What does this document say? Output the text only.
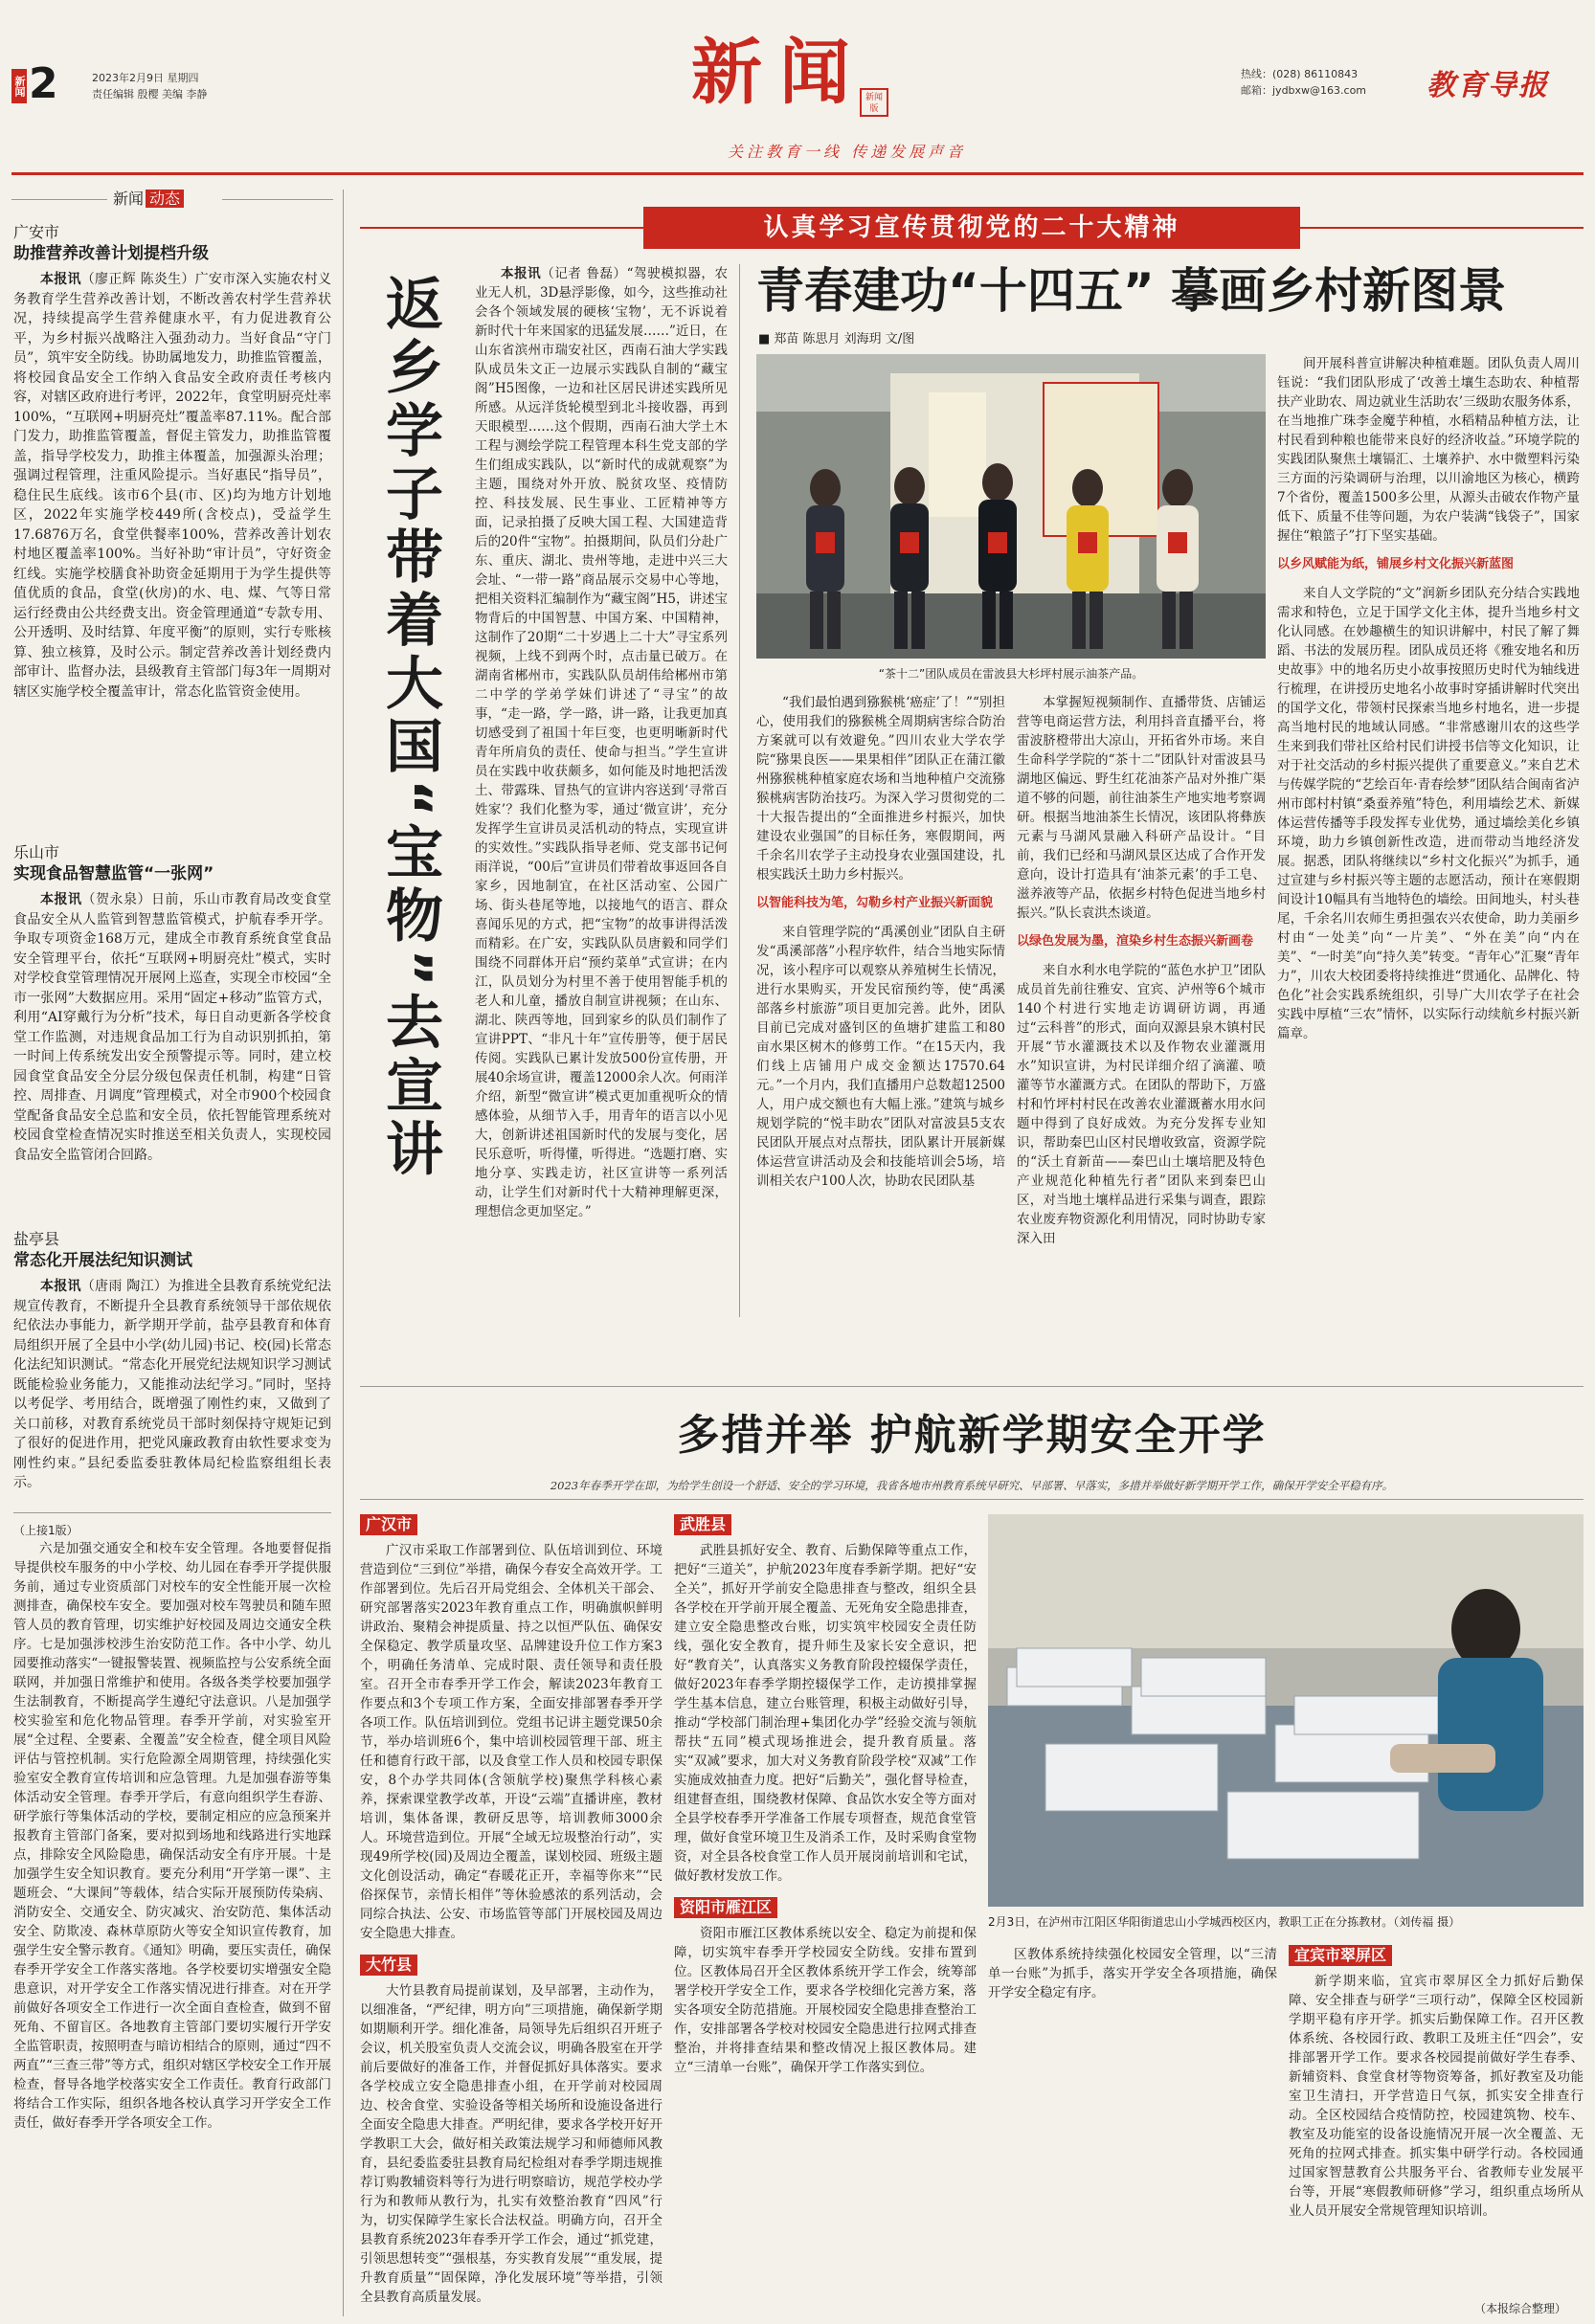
新闻 2	2023年2月9日 星期四
责任编辑 殷樱 美编 李静	新闻
新闻版
关注教育一线 传递发展声音
热线：(028) 86110843
邮箱：jydbxw@163.com 教育导报
新闻 动态
广安市
助推营养改善计划提档升级
本报讯（廖正辉 陈炎生）广安市深入实施农村义务教育学生营养改善计划，不断改善农村学生营养状况，持续提高学生营养健康水平，有力促进教育公平，为乡村振兴战略注入强劲动力。当好食品“守门员”，筑牢安全防线。协助属地发力，助推监管覆盖，将校园食品安全工作纳入食品安全政府责任考核内容，对辖区政府进行考评，2022年，食堂明厨亮灶率100%，“互联网+明厨亮灶”覆盖率87.11%。配合部门发力，助推监管覆盖，督促主管发力，助推监管覆盖，指导学校发力，助推主体覆盖，加强源头治理；强调过程管理，注重风险提示。当好惠民“指导员”，稳住民生底线。该市6个县(市、区)均为地方计划地区，2022年实施学校449所(含校点)，受益学生17.6876万名，食堂供餐率100%，营养改善计划农村地区覆盖率100%。当好补助“审计员”，守好资金红线。实施学校膳食补助资金延期用于为学生提供等值优质的食品，食堂(伙房)的水、电、煤、气等日常运行经费由公共经费支出。资金管理通道“专款专用、公开透明、及时结算、年度平衡”的原则，实行专账核算、独立核算，及时公示。制定营养改善计划经费内部审计、监督办法，县级教育主管部门每3年一周期对辖区实施学校全覆盖审计，常态化监管资金使用。
乐山市
实现食品智慧监管“一张网”
本报讯（贺永泉）日前，乐山市教育局改变食堂食品安全从人监管到智慧监管模式，护航春季开学。争取专项资金168万元，建成全市教育系统食堂食品安全管理平台，依托“互联网+明厨亮灶”模式，实时对学校食堂管理情况开展网上巡查，实现全市校园“全市一张网”大数据应用。采用“固定+移动”监管方式，利用“AI穿戴行为分析”技术，每日自动更新各学校食堂工作监测，对违规食品加工行为自动识别抓拍，第一时间上传系统发出安全预警提示等。同时，建立校园食堂食品安全分层分级包保责任机制，构建“日管控、周排查、月调度”管理模式，对全市900个校园食堂配备食品安全总监和安全员，依托智能管理系统对校园食堂检查情况实时推送至相关负责人，实现校园食品安全监管闭合回路。
盐亭县
常态化开展法纪知识测试
本报讯（唐雨 陶江）为推进全县教育系统党纪法规宣传教育，不断提升全县教育系统领导干部依规依纪依法办事能力，新学期开学前，盐亭县教育和体育局组织开展了全县中小学(幼儿园)书记、校(园)长常态化法纪知识测试。“常态化开展党纪法规知识学习测试既能检验业务能力，又能推动法纪学习。”同时，坚持以考促学、考用结合，既增强了刚性约束，又做到了关口前移，对教育系统党员干部时刻保持守规矩记到了很好的促进作用，把党风廉政教育由软性要求变为刚性约束。”县纪委监委驻教体局纪检监察组组长表示。
（上接1版）
六是加强交通安全和校车安全管理。各地要督促指导提供校车服务的中小学校、幼儿园在春季开学提供服务前，通过专业资质部门对校车的安全性能开展一次检测排查，确保校车安全。要加强对校车驾驶员和随车照管人员的教育管理，切实维护好校园及周边交通安全秩序。七是加强涉校涉生治安防范工作。各中小学、幼儿园要推动落实“一键报警装置、视频监控与公安系统全面联网，并加强日常维护和使用。各级各类学校要加强学生法制教育，不断提高学生遵纪守法意识。八是加强学校实验室和危化物品管理。春季开学前，对实验室开展“全过程、全要素、全覆盖”安全检查，健全项目风险评估与管控机制。实行危险源全周期管理，持续强化实验室安全教育宣传培训和应急管理。九是加强春游等集体活动安全管理。春季开学后，有意向组织学生春游、研学旅行等集体活动的学校，要制定相应的应急预案并报教育主管部门备案，要对拟到场地和线路进行实地踩点，排除安全风险隐患，确保活动安全有序开展。十是加强学生安全知识教育。要充分利用“开学第一课”、主题班会、“大课间”等载体，结合实际开展预防传染病、消防安全、交通安全、防灾减灾、治安防范、集体活动安全、防欺凌、森林草原防火等安全知识宣传教育，加强学生安全警示教育。《通知》明确，要压实责任，确保春季开学安全工作落实落地。各学校要切实增强安全隐患意识，对开学安全工作落实情况进行排查。对在开学前做好各项安全工作进行一次全面自查检查，做到不留死角、不留盲区。各地教育主管部门要切实履行开学安全监管职责，按照明查与暗访相结合的原则，通过“四不两直”“三查三带”等方式，组织对辖区学校安全工作开展检查，督导各地学校落实安全工作责任。教育行政部门将结合工作实际，组织各地各校认真学习开学安全工作责任，做好春季开学各项安全工作。
认真学习宣传贯彻党的二十大精神
返乡学子带着大国“宝物”去宣讲	本报讯（记者 鲁磊）“驾驶模拟器，农业无人机，3D悬浮影像，如今，这些推动社会各个领域发展的硬核‘宝物’，无不诉说着新时代十年来国家的迅猛发展……”近日，在山东省滨州市瑞安社区，西南石油大学实践队成员朱文正一边展示实践队自制的“藏宝阁”H5图像，一边和社区居民讲述实践所见所感。从远洋货轮模型到北斗接收器，再到天眼模型……这个假期，西南石油大学土木工程与测绘学院工程管理本科生党支部的学生们组成实践队，以“新时代的成就观察”为主题，围绕对外开放、脱贫攻坚、疫情防控、科技发展、民生事业、工匠精神等方面，记录拍摄了反映大国工程、大国建造背后的20件“宝物”。拍摄期间，队员们分赴广东、重庆、湖北、贵州等地，走进中兴三大会址、“一带一路”商品展示交易中心等地，把相关资料汇编制作为“藏宝阁”H5，讲述宝物背后的中国智慧、中国方案、中国精神，这制作了20期“二十岁遇上二十大”寻宝系列视频，上线不到两个时，点击量已破万。在湖南省郴州市，实践队队员胡伟给郴州市第二中学的学弟学妹们讲述了“寻宝”的故事，“走一路，学一路，讲一路，让我更加真切感受到了祖国十年巨变，也更明晰新时代青年所肩负的责任、使命与担当。”学生宣讲员在实践中收获颇多，如何能及时地把活泼土、带露珠、冒热气的宣讲内容送到‘寻常百姓家’？我们化整为零，通过‘微宣讲’，充分发挥学生宣讲员灵活机动的特点，实现宣讲的实效性。”实践队指导老师、党支部书记何雨洋说，“00后”宣讲员们带着故事返回各自家乡，因地制宜，在社区活动室、公园广场、街头巷尾等地，以接地气的语言、群众喜闻乐见的方式，把“宝物”的故事讲得活泼而精彩。在广安，实践队队员唐毅和同学们围绕不同群体开启“预约菜单”式宣讲；在内江，队员划分为村里不善于使用智能手机的老人和儿童，播放自制宣讲视频；在山东、湖北、陕西等地，回到家乡的队员们制作了宣讲PPT、“非凡十年”宣传册等，便于居民传阅。实践队已累计发放500份宣传册，开展40余场宣讲，覆盖12000余人次。何雨洋介绍，新型“微宣讲”模式更加重视听众的情感体验，从细节入手，用青年的语言以小见大，创新讲述祖国新时代的发展与变化，居民乐意听，听得懂，听得进。“选题打磨、实地分享、实践走访，社区宣讲等一系列活动，让学生们对新时代十大精神理解更深，理想信念更加坚定。”
青春建功“十四五” 摹画乡村新图景
■ 郑苗 陈思月 刘海玥 文/图
“茶十二”团队成员在雷波县大杉坪村展示油茶产品。
“我们最怕遇到猕猴桃‘癌症’了！”“别担心，使用我们的猕猴桃全周期病害综合防治方案就可以有效避免。”四川农业大学农学院“猕果良医——果果相伴”团队正在蒲江徽州猕猴桃种植家庭农场和当地种植户交流猕猴桃病害防治技巧。为深入学习贯彻党的二十大报告提出的“全面推进乡村振兴，加快建设农业强国”的目标任务，寒假期间，两千余名川农学子主动投身农业强国建设，扎根实践沃土助力乡村振兴。
以智能科技为笔，勾勒乡村产业振兴新面貌
来自管理学院的“禹溪创业”团队自主研发“禹溪部落”小程序软件，结合当地实际情况，该小程序可以观察从养殖树生长情况，进行水果购买，开发民宿预约等，使“禹溪部落乡村旅游”项目更加完善。此外，团队目前已完成对盛钊区的鱼塘扩建监工和80亩水果区树木的修剪工作。“在15天内，我们线上店铺用户成交金额达17570.64元。”一个月内，我们直播用户总数超12500人，用户成交额也有大幅上涨。”建筑与城乡规划学院的“悦丰助农”团队对富波县5支农民团队开展点对点帮扶，团队累计开展新媒体运营宣讲活动及会和技能培训会5场，培训相关农户100人次，协助农民团队基
本掌握短视频制作、直播带货、店铺运营等电商运营方法，利用抖音直播平台，将雷波脐橙带出大凉山，开拓省外市场。来自生命科学学院的“茶十二”团队针对雷波县马湖地区偏远、野生红花油茶产品对外推广渠道不够的问题，前往油茶生产地实地考察调研。根据当地油茶生长情况，该团队将彝族元素与马湖风景融入科研产品设计。“目前，我们已经和马湖风景区达成了合作开发意向，设计打造具有‘油茶元素’的手工皂、滋养液等产品，依据乡村特色促进当地乡村振兴。”队长袁洪杰谈道。
以绿色发展为墨，渲染乡村生态振兴新画卷
来自水利水电学院的“蓝色水护卫”团队成员首先前往雅安、宜宾、泸州等6个城市140个村进行实地走访调研访调，再通过“云科普”的形式，面向双源县泉木镇村民开展“节水灌溉技术以及作物农业灌溉用水”知识宣讲，为村民详细介绍了滴灌、喷灌等节水灌溉方式。在团队的帮助下，万盛村和竹坪村村民在改善农业灌溉蓄水用水问题中得到了良好成效。为充分发挥专业知识，帮助秦巴山区村民增收致富，资源学院的“沃土育新苗——秦巴山土壤培肥及特色产业规范化种植先行者”团队来到秦巴山区，对当地土壤样品进行采集与调查，跟踪农业废弃物资源化利用情况，同时协助专家深入田
间开展科普宣讲解决种植难题。团队负责人周川钰说：“我们团队形成了‘改善土壤生态助农、种植帮扶产业助农、周边就业生活助农’三级助农服务体系，在当地推广珠李金魔芋种植，水稻精品种植方法，让村民看到种粮也能带来良好的经济收益。”环境学院的实践团队聚焦土壤镉汇、土壤养护、水中微塑料污染三方面的污染调研与治理，以川渝地区为核心，横跨7个省份，覆盖1500多公里，从源头击破农作物产量低下、质量不佳等问题，为农户装满“钱袋子”，国家握住“粮篮子”打下坚实基础。
以乡风赋能为纸，铺展乡村文化振兴新蓝图
来自人文学院的“文”润新乡团队充分结合实践地需求和特色，立足于国学文化主体，提升当地乡村文化认同感。在妙趣横生的知识讲解中，村民了解了舞蹈、书法的发展历程。团队成员还将《雅安地名和历史故事》中的地名历史小故事按照历史时代为轴线进行梳理，在讲授历史地名小故事时穿插讲解时代突出的国学文化，带领村民探索当地乡村地名，进一步提高当地村民的地域认同感。“非常感谢川农的这些学生来到我们带社区给村民们讲授书信等文化知识，让对于社交活动的乡村振兴提供了重要意义。”来自艺术与传媒学院的“艺绘百年·青春绘梦”团队结合闽南省泸州市郎村村镇“桑蚕养殖”特色，利用墙绘艺术、新媒体运营传播等手段发挥专业优势，通过墙绘美化乡镇环境，助力乡镇创新性改造，进而带动当地经济发展。据悉，团队将继续以“乡村文化振兴”为抓手，通过宣建与乡村振兴等主题的志愿活动，预计在寒假期间设计10幅具有当地特色的墙绘。田间地头，村头巷尾，千余名川农师生勇担强农兴农使命，助力美丽乡村由“一处美”向“一片美”、“外在美”向“内在美”、“一时美”向“持久美”转变。“青年心”汇聚“青年力”，川农大校团委将持续推进“贯通化、品牌化、特色化”社会实践系统组织，引导广大川农学子在社会实践中厚植“三农”情怀，以实际行动续航乡村振兴新篇章。
多措并举 护航新学期安全开学
2023年春季开学在即，为给学生创设一个舒适、安全的学习环境，我省各地市州教育系统早研究、早部署、早落实，多措并举做好新学期开学工作，确保开学安全平稳有序。
广汉市
广汉市采取工作部署到位、队伍培训到位、环境营造到位“三到位”举措，确保今春安全高效开学。工作部署到位。先后召开局党组会、全体机关干部会、研究部署落实2023年教育重点工作，明确旗帜鲜明讲政治、聚精会神提质量、持之以恒严队伍、确保安全保稳定、教学质量攻坚、品牌建设升位工作方案3个，明确任务清单、完成时限、责任领导和责任股室。召开全市春季开学工作会，解读2023年教育工作要点和3个专项工作方案，全面安排部署春季开学各项工作。队伍培训到位。党组书记讲主题党课50余节，举办培训班6个，集中培训校园管理干部、班主任和德育行政干部，以及食堂工作人员和校园专职保安，8个办学共同体(含领航学校)聚焦学科核心素养，探索课堂教学改革，开设“云端”直播讲座，教材培训，集体备课，教研反思等，培训教师3000余人。环境营造到位。开展“全域无垃圾整治行动”，实现49所学校(园)及周边全覆盖，谋划校园、班级主题文化创设活动，确定“春暖花正开，幸福等你来”“民俗探保节，亲情长相伴”等休验感浓的系列活动，会同综合执法、公安、市场监管等部门开展校园及周边安全隐患大排查。
大竹县
大竹县教育局提前谋划，及早部署，主动作为，以细准备，“严纪律，明方向”三项措施，确保新学期如期顺利开学。细化准备，局领导先后组织召开班子会议，机关股室负责人交流会议，明确各股室在开学前后要做好的准备工作，并督促抓好具体落实。要求各学校成立安全隐患排查小组，在开学前对校园周边、校舍食堂、实验设备等相关场所和设施设备进行全面安全隐患大排查。严明纪律，要求各学校开好开学教职工大会，做好相关政策法规学习和师德师风教育，县纪委监委驻县教育局纪检组对春季学期违规推荐订购教辅资料等行为进行明察暗访，规范学校办学行为和教师从教行为，扎实有效整治教育“四风”行为，切实保障学生家长合法权益。明确方向，召开全县教育系统2023年春季开学工作会，通过“抓党建，引领思想转变”“强根基，夯实教育发展”“重发展，提升教育质量”“固保障，净化发展环境”等举措，引领全县教育高质量发展。
武胜县
武胜县抓好安全、教育、后勤保障等重点工作，把好“三道关”，护航2023年度春季新学期。把好“安全关”，抓好开学前安全隐患排查与整改，组织全县各学校在开学前开展全覆盖、无死角安全隐患排查，建立安全隐患整改台账，切实筑牢校园安全责任防线，强化安全教育，提升师生及家长安全意识，把好“教育关”，认真落实义务教育阶段控辍保学责任，做好2023年春季学期控辍保学工作，走访摸排掌握学生基本信息，建立台账管理，积极主动做好引导，推动“学校部门制治理+集团化办学”经验交流与领航帮扶“五同”模式现场推进会，提升教育质量。落实“双减”要求，加大对义务教育阶段学校“双减”工作实施成效抽查力度。把好“后勤关”，强化督导检查，组建督查组，围绕教材保障、食品饮水安全等方面对全县学校春季开学准备工作展专项督查，规范食堂管理，做好食堂环境卫生及消杀工作，及时采购食堂物资，对全县各校食堂工作人员开展岗前培训和宅试，做好教材发放工作。
资阳市雁江区
资阳市雁江区教体系统以安全、稳定为前提和保障，切实筑牢春季开学校园安全防线。安排布置到位。区教体局召开全区教体系统开学工作会，统筹部署学校开学安全工作，要求各学校细化完善方案，落实各项安全防范措施。开展校园安全隐患排查整治工作，安排部署各学校对校园安全隐患进行拉网式排查整治，并将排查结果和整改情况上报区教体局。建立“三清单一台账”，确保开学工作落实到位。
2月3日，在泸州市江阳区华阳街道忠山小学城西校区内，教职工正在分拣教材。（刘传福 摄）
区教体系统持续强化校园安全管理，以“三清单一台账”为抓手，落实开学安全各项措施，确保开学安全稳定有序。
宜宾市翠屏区
新学期来临，宜宾市翠屏区全力抓好后勤保障、安全排查与研学“三项行动”，保障全区校园新学期平稳有序开学。抓实后勤保障工作。召开区教体系统、各校园行政、教职工及班主任“四会”，安排部署开学工作。要求各校园提前做好学生春季、新辅资料、食堂食材等物资筹备，抓好教室及功能室卫生清扫，开学营造日气氛，抓实安全排查行动。全区校园结合疫情防控，校园建筑物、校车、教室及功能室的设备设施情况开展一次全覆盖、无死角的拉网式排查。抓实集中研学行动。各校园通过国家智慧教育公共服务平台、省教师专业发展平台等，开展“寒假教师研修”学习，组织重点场所从业人员开展安全常规管理知识培训。
（本报综合整理）
